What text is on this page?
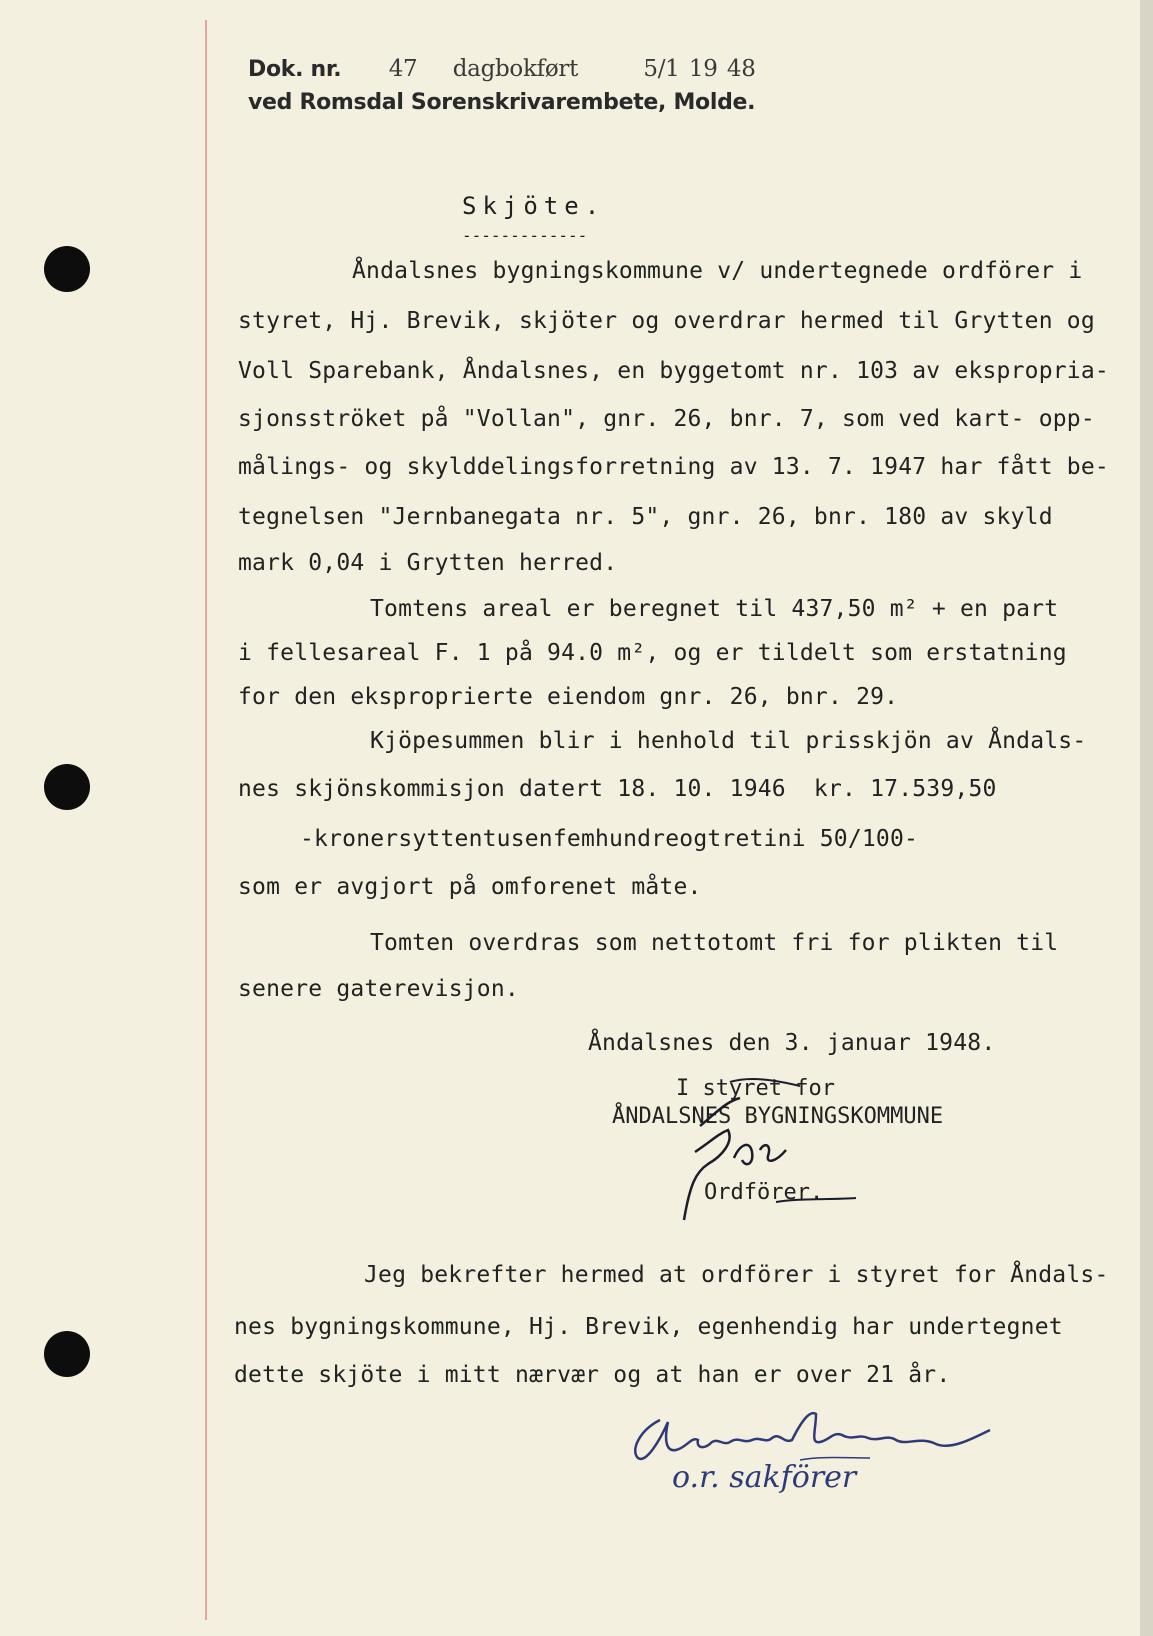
Dok. nr. 47 dagbokført	5/1 19 48
ved Romsdal Sorenskrivarembete, Molde.
Skjöte.
-------------
Åndalsnes bygningskommune v/ undertegnede ordförer i
styret, Hj. Brevik, skjöter og overdrar hermed til Grytten og
Voll Sparebank, Åndalsnes, en byggetomt nr. 103 av ekspropria-
sjonsströket på "Vollan", gnr. 26, bnr. 7, som ved kart- opp-
målings- og skylddelingsforretning av 13. 7. 1947 har fått be-
tegnelsen "Jernbanegata nr. 5", gnr. 26, bnr. 180 av skyld
mark 0,04 i Grytten herred.
Tomtens areal er beregnet til 437,50 m² + en part
i fellesareal F. 1 på 94.0 m², og er tildelt som erstatning
for den eksproprierte eiendom gnr. 26, bnr. 29.
Kjöpesummen blir i henhold til prisskjön av Åndals-
nes skjönskommisjon datert 18. 10. 1946  kr. 17.539,50
-kronersyttentusenfemhundreogtretini 50/100-
som er avgjort på omforenet måte.
Tomten overdras som nettotomt fri for plikten til
senere gaterevisjon.
Åndalsnes den 3. januar 1948.
I styret for
ÅNDALSNES BYGNINGSKOMMUNE
Ordförer.
Jeg bekrefter hermed at ordförer i styret for Åndals-
nes bygningskommune, Hj. Brevik, egenhendig har undertegnet
dette skjöte i mitt nærvær og at han er over 21 år.
o.r. sakförer
